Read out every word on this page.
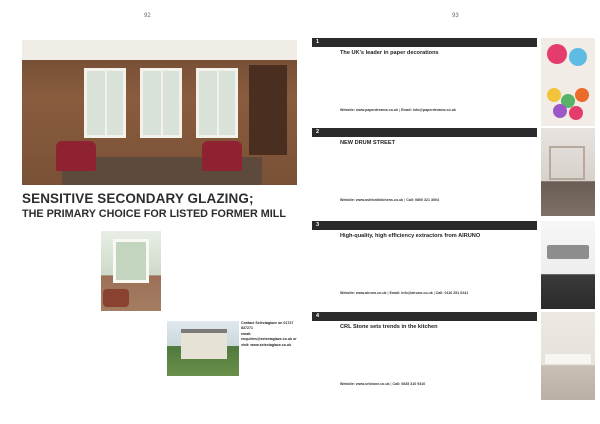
92
SENSITIVE SECONDARY GLAZING;
THE PRIMARY CHOICE FOR LISTED FORMER MILL
Contact Selectaglaze on 01727 837271
email: enquiries@selectaglaze.co.uk or
visit: www.selectaglaze.co.uk
93
1
The UK's leader in paper decorations
Website: www.paperdreams.co.uk | Email: info@paperdreams.co.uk
2
NEW DRUM STREET
Website: www.ashfordkitchens.co.uk | Call: 0800 321 3004
3
High-quality, high efficiency extractors from AIRUNO
Website: www.airuno.co.uk | Email: info@airuno.co.uk | Call: 0116 251 0241
4
CRL Stone sets trends in the kitchen
Website: www.crlstone.co.uk | Call: 0845 310 9310
